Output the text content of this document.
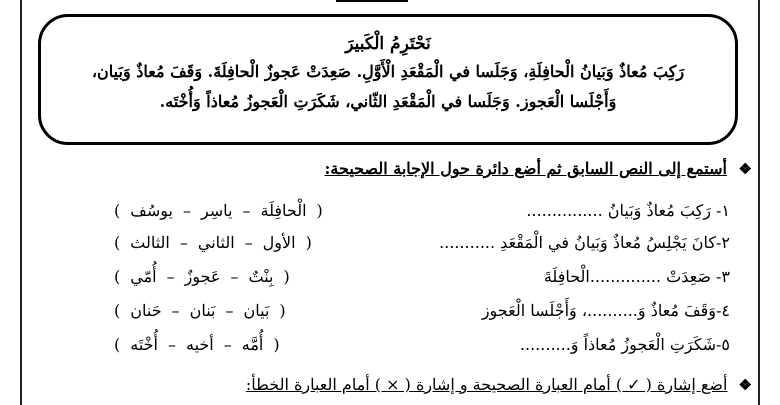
نَحْتَرِمُ الْكَبيرَ
رَكِبَ مُعاذٌ وَبَيانُ الْحافِلَةِ، وَجَلَسا في الْمَقْعَدِ الْأَوَّلِ. صَعِدَتْ عَجوزٌ الْحافِلَةَ. وَقَفَ مُعاذٌ وَبَيان،
وَأَجْلَسا الْعَجوز. وَجَلَسا في الْمَقْعَدِ الثّاني، شَكَرَتِ الْعَجوزُ مُعاذاً وَأُخْتَه.
❖ أستمع إلى النص السابق ثم أضع دائرة حول الإجابة الصحيحة:
١- رَكِبَ مُعاذٌ وَبَيانُ ...............
(الْحافِلَة–ياسِر–يوسُف)
٢-كانَ يَجْلِسُ مُعاذٌ وَبَيانُ في الْمَقْعَدِ ...........
(الأول–الثاني–الثالث)
٣- صَعِدَتْ ..............الْحافِلَةَ
(بِنْتٌ–عَجوزٌ–أُمّي)
٤-وَقَفَ مُعاذٌ وَ..........، وَأَجْلَسا الْعَجوز
(بَيان–بَنان–حَنان)
٥-شَكَرَتِ الْعَجوزُ مُعاذاً وَ..........
(أُمَّه–أخيه–أُخْتَه)
❖ أضع إشارة ( ✓ ) أمام العبارة الصحيحة و إشارة ( × ) أمام العبارة الخطأ:
